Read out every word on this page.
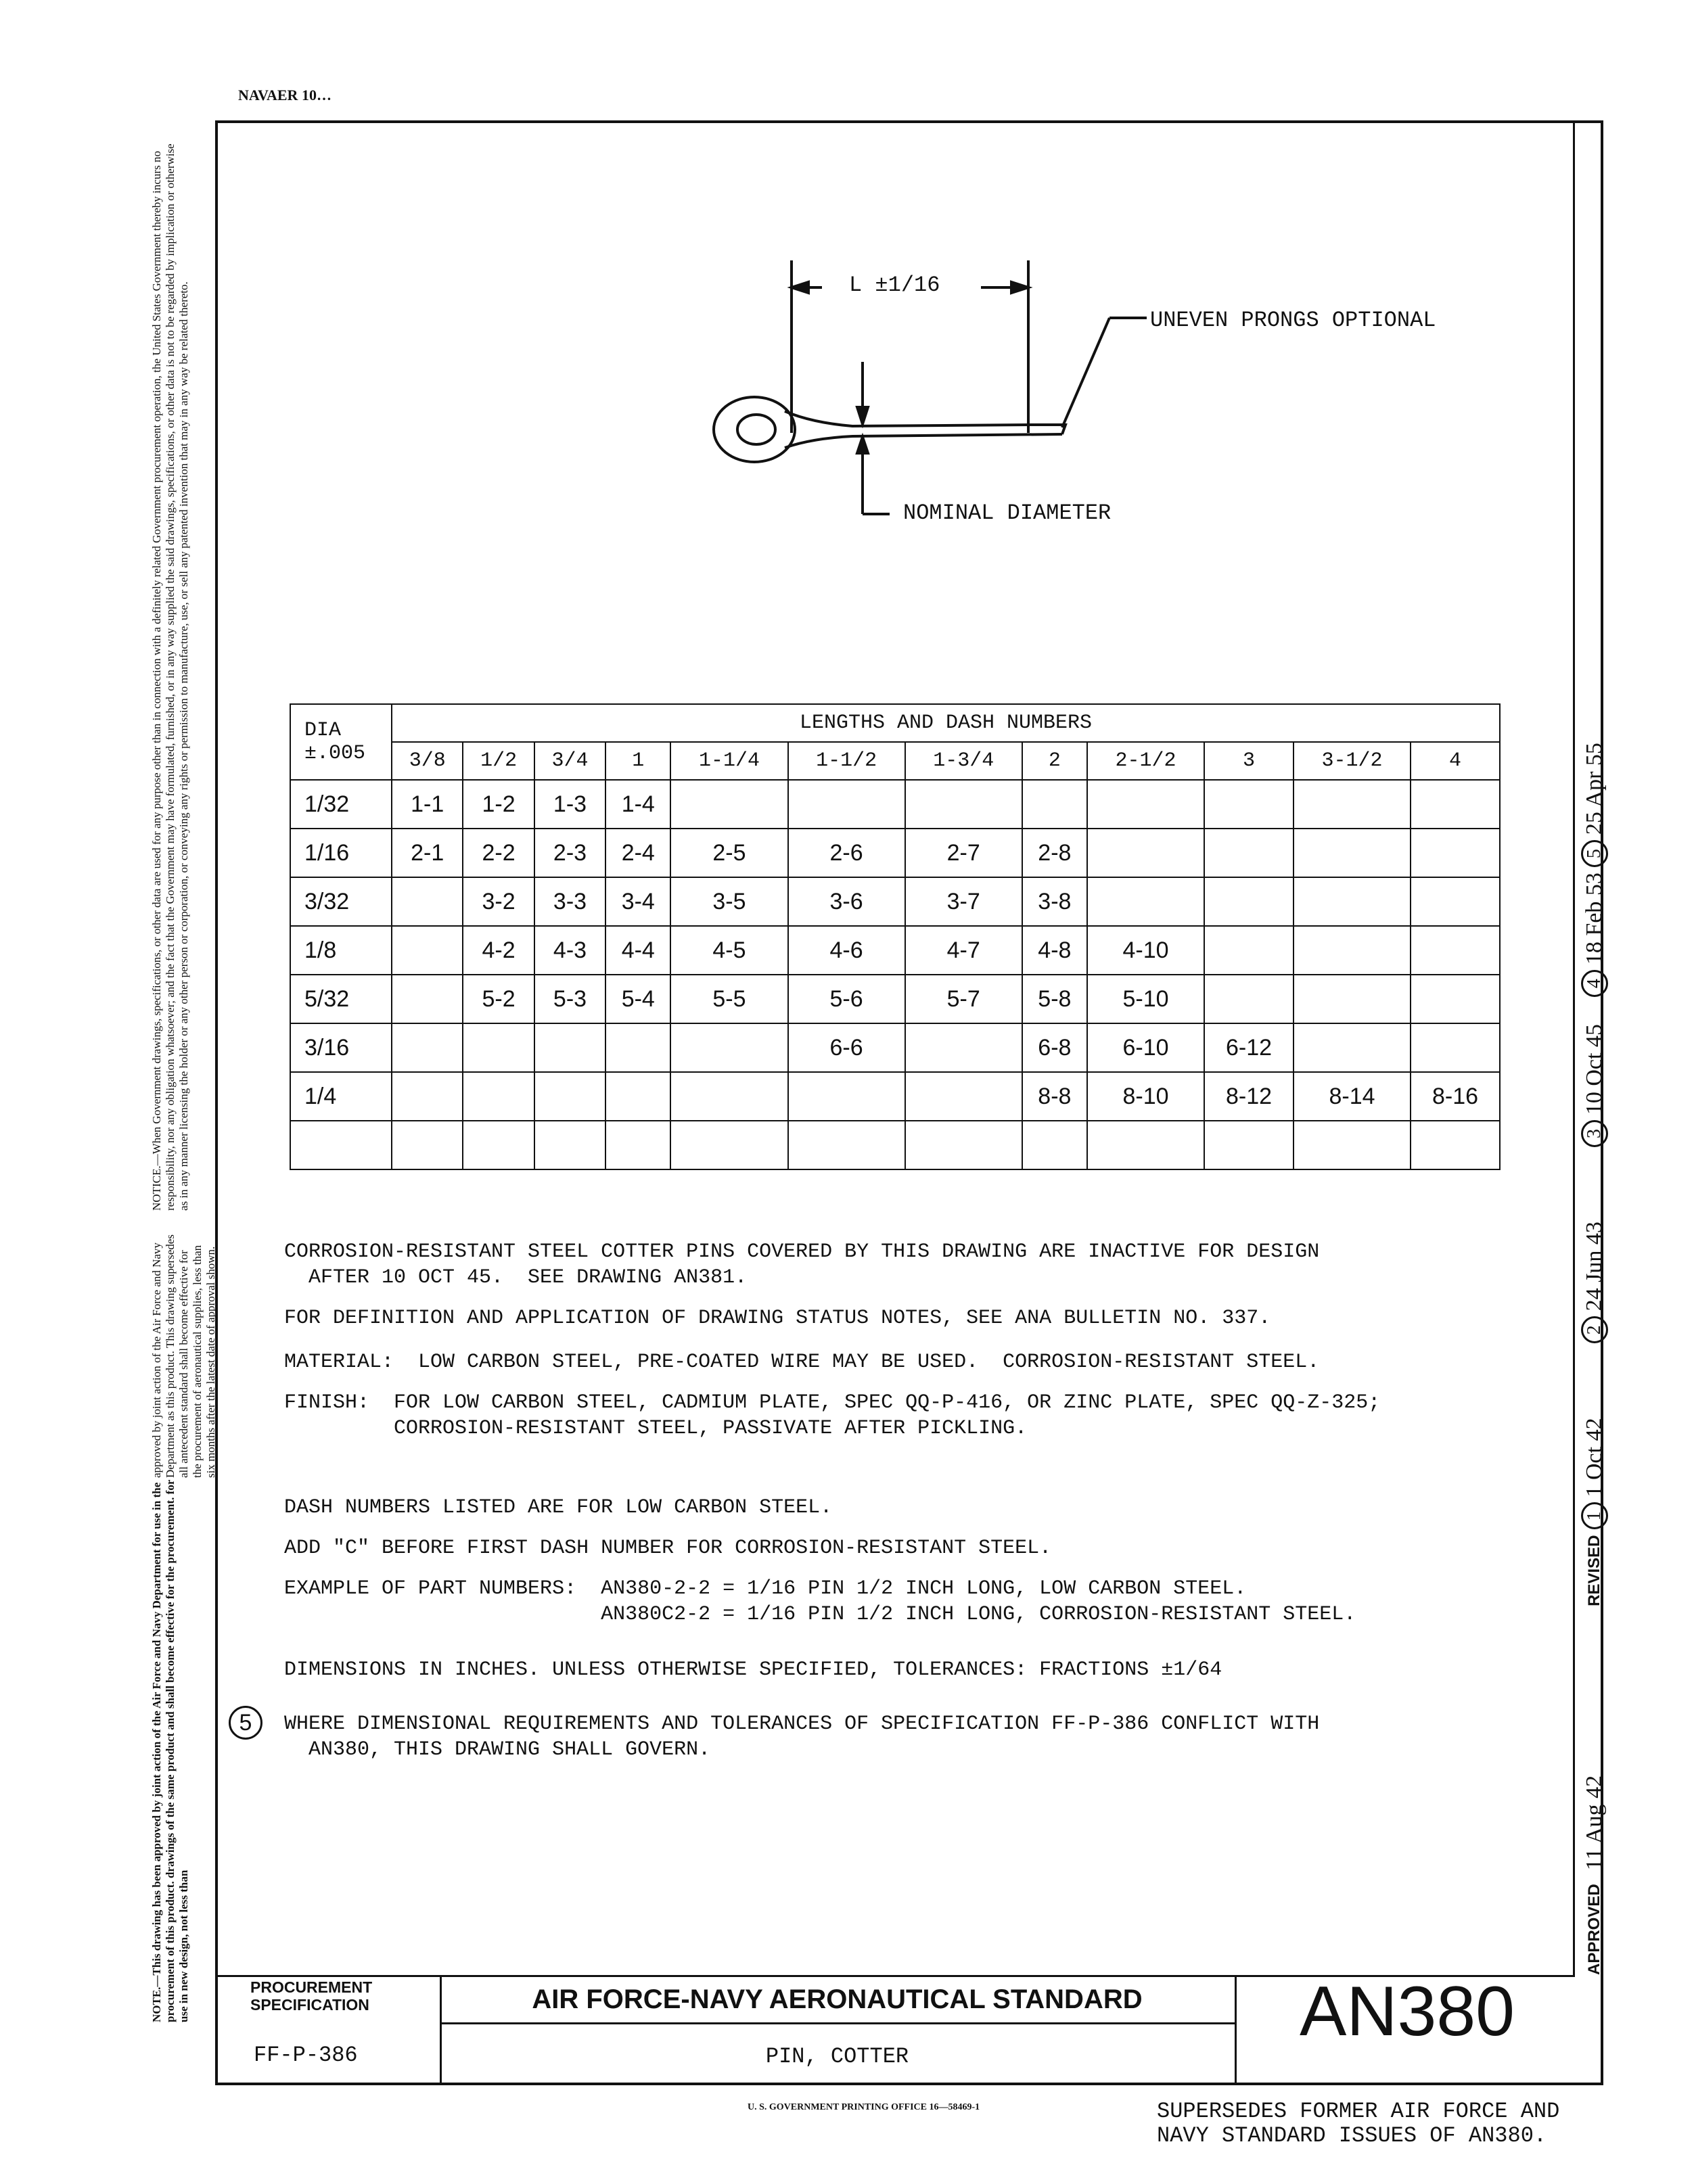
NAVAER 10…
NOTICE.—When Government drawings, specifications, or other data are used for any purpose other than in connection with a definitely related Government procurement operation, the United States Government thereby incurs no responsibility, nor any obligation whatsoever; and the fact that the Government may have formulated, furnished, or in any way supplied the said drawings, specifications, or other data is not to be regarded by implication or otherwise as in any manner licensing the holder or any other person or corporation, or conveying any rights or permission to manufacture, use, or sell any patented invention that may in any way be related thereto.
approved by joint action of the Air Force and Navy Department as this product. This drawing supersedes all antecedent standard shall become effective for the procurement of aeronautical supplies, less than six months after the latest date of approval shown.
NOTE.—This drawing has been approved by joint action of the Air Force and Navy Department for use in the procurement of this product. drawings of the same product and shall become effective for the procurement. for use in new design, not less than	APPROVED
11 Aug 42
REVISED
1
1 Oct 42
2
24 Jun 43
3
10 Oct 45
4
18 Feb 53
5
25 Apr 55
L ±1/16
UNEVEN PRONGS OPTIONAL
NOMINAL DIAMETER
DIA
±.005	LENGTHS AND DASH NUMBERS											
	3/8	1/2	3/4	1	1-1/4	1-1/2	1-3/4	2	2-1/2	3	3-1/2	4
1/32	1-1	1-2	1-3	1-4								
1/16	2-1	2-2	2-3	2-4	2-5	2-6	2-7	2-8				
3/32		3-2	3-3	3-4	3-5	3-6	3-7	3-8				
1/8		4-2	4-3	4-4	4-5	4-6	4-7	4-8	4-10			
5/32		5-2	5-3	5-4	5-5	5-6	5-7	5-8	5-10			
3/16						6-6		6-8	6-10	6-12		
1/4								8-8	8-10	8-12	8-14	8-16

CORROSION-RESISTANT STEEL COTTER PINS COVERED BY THIS DRAWING ARE INACTIVE FOR DESIGN
AFTER 10 OCT 45.  SEE DRAWING AN381.
FOR DEFINITION AND APPLICATION OF DRAWING STATUS NOTES, SEE ANA BULLETIN NO. 337.
MATERIAL:  LOW CARBON STEEL, PRE-COATED WIRE MAY BE USED.  CORROSION-RESISTANT STEEL.
FINISH:  FOR LOW CARBON STEEL, CADMIUM PLATE, SPEC QQ-P-416, OR ZINC PLATE, SPEC QQ-Z-325;
CORROSION-RESISTANT STEEL, PASSIVATE AFTER PICKLING.
DASH NUMBERS LISTED ARE FOR LOW CARBON STEEL.
ADD "C" BEFORE FIRST DASH NUMBER FOR CORROSION-RESISTANT STEEL.
EXAMPLE OF PART NUMBERS:  AN380-2-2 = 1/16 PIN 1/2 INCH LONG, LOW CARBON STEEL.
AN380C2-2 = 1/16 PIN 1/2 INCH LONG, CORROSION-RESISTANT STEEL.
DIMENSIONS IN INCHES. UNLESS OTHERWISE SPECIFIED, TOLERANCES: FRACTIONS ±1/64
5	WHERE DIMENSIONAL REQUIREMENTS AND TOLERANCES OF SPECIFICATION FF-P-386 CONFLICT WITH
AN380, THIS DRAWING SHALL GOVERN.
PROCUREMENT SPECIFICATION
FF-P-386
AIR FORCE-NAVY AERONAUTICAL STANDARD
PIN, COTTER
AN380
U. S. GOVERNMENT PRINTING OFFICE 16—58469-1	SUPERSEDES FORMER AIR FORCE AND
NAVY STANDARD ISSUES OF AN380.
